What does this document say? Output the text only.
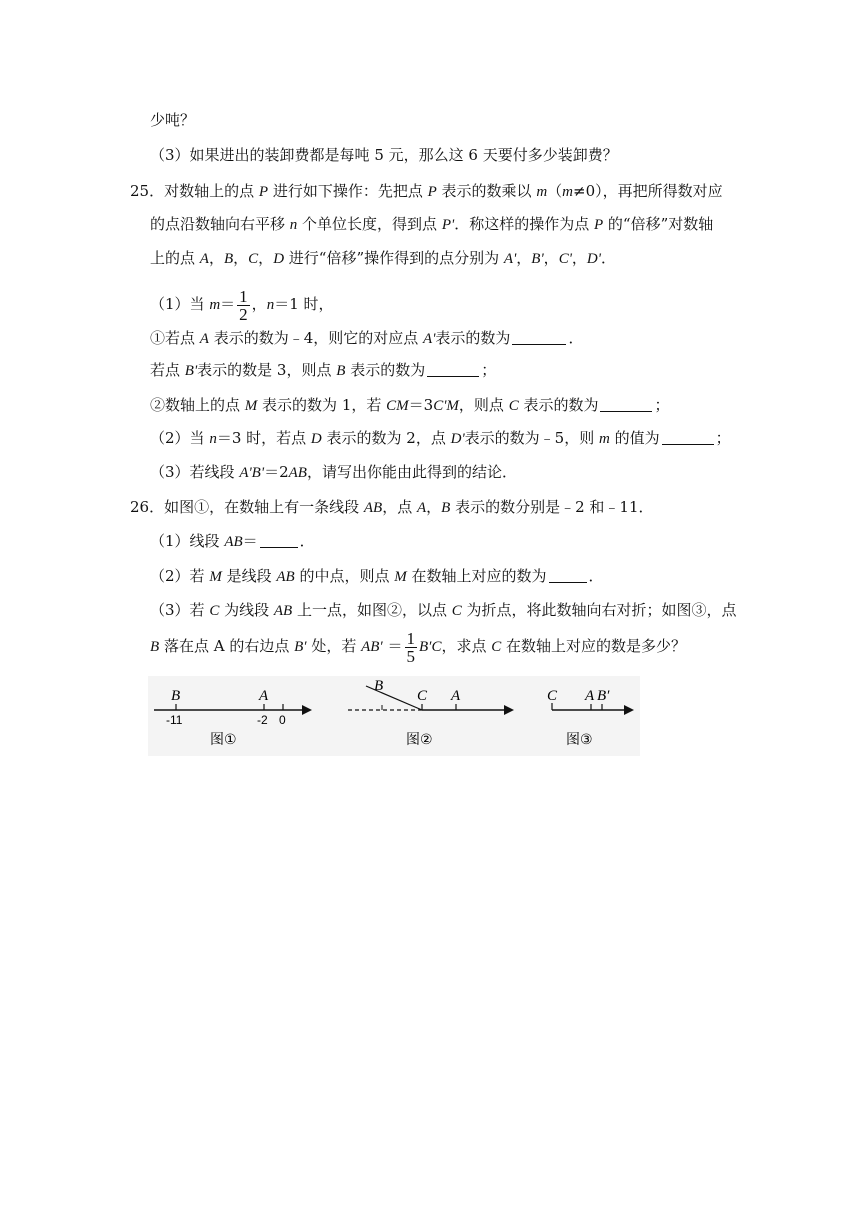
少吨？
（3）如果进出的装卸费都是每吨 5 元，那么这 6 天要付多少装卸费？
25．对数轴上的点 P 进行如下操作：先把点 P 表示的数乘以 m（m≠0），再把所得数对应
的点沿数轴向右平移 n 个单位长度，得到点 P'．称这样的操作为点 P 的“倍移”对数轴
上的点 A，B，C，D 进行“倍移”操作得到的点分别为 A'，B'，C'，D'．
（1）当 $m= \frac{1}{2}$ ，n＝1 时，
①若点 A 表示的数为﹣4，则它的对应点 A'表示的数为	．
若点 B'表示的数是 3，则点 B 表示的数为	；
②数轴上的点 M 表示的数为 1，若 CM＝3C'M，则点 C 表示的数为	；
（2）当 n＝3 时，若点 D 表示的数为 2，点 D'表示的数为﹣5，则 m 的值为	；
（3）若线段 A'B'＝2AB，请写出你能由此得到的结论．
26．如图①，在数轴上有一条线段 AB，点 A，B 表示的数分别是﹣2 和﹣11．
（1）线段 AB＝	．
（2）若 M 是线段 AB 的中点，则点 M 在数轴上对应的数为	．
（3）若 C 为线段 AB 上一点，如图②，以点 C 为折点，将此数轴向右对折；如图③，点
B 落在点 A 的右边点 B′ 处，若 $AB' = \frac{1}{5} B'C$，求点 C 在数轴上对应的数是多少？
B	A
-11	-2 0
图①
B
C A
图②
C A B′
图③
